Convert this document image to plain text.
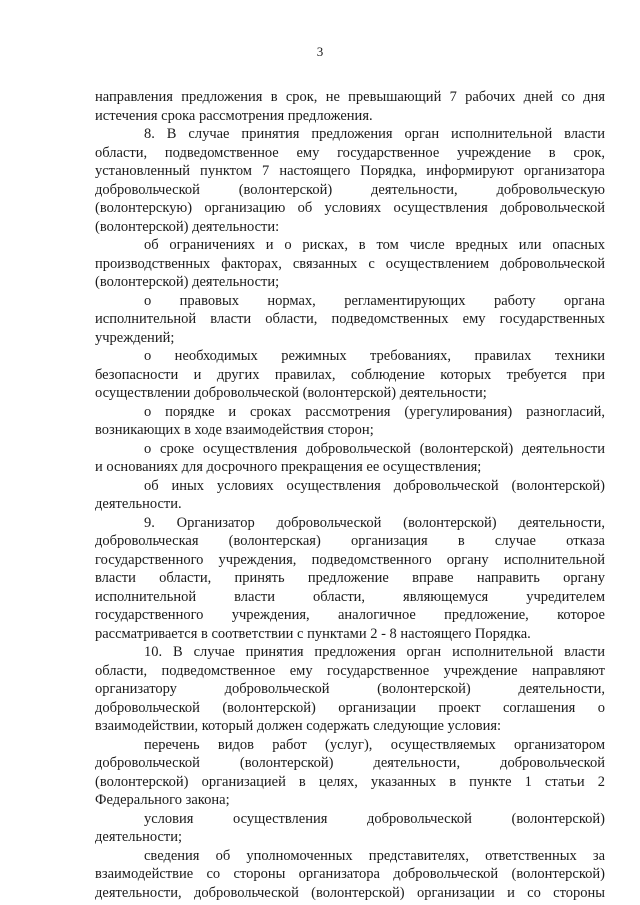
3

направления предложения в срок, не превышающий 7 рабочих дней со дня

истечения срока рассмотрения предложения.

8. В случае принятия предложения орган исполнительной власти

области, подведомственное ему государственное учреждение в срок,

установленный пунктом 7 настоящего Порядка, информируют организатора

добровольческой (волонтерской) деятельности, добровольческую

(волонтерскую) организацию об условиях осуществления добровольческой

(волонтерской) деятельности:

об ограничениях и о рисках, в том числе вредных или опасных

производственных факторах, связанных с осуществлением добровольческой

(волонтерской) деятельности;

о правовых нормах, регламентирующих работу органа

исполнительной власти области, подведомственных ему государственных

учреждений;

о необходимых режимных требованиях, правилах техники

безопасности и других правилах, соблюдение которых требуется при

осуществлении добровольческой (волонтерской) деятельности;

о порядке и сроках рассмотрения (урегулирования) разногласий,

возникающих в ходе взаимодействия сторон;

о сроке осуществления добровольческой (волонтерской) деятельности

и основаниях для досрочного прекращения ее осуществления;

об иных условиях осуществления добровольческой (волонтерской)

деятельности.

9. Организатор добровольческой (волонтерской) деятельности,

добровольческая (волонтерская) организация в случае отказа

государственного учреждения, подведомственного органу исполнительной

власти области, принять предложение вправе направить органу

исполнительной власти области, являющемуся учредителем

государственного учреждения, аналогичное предложение, которое

рассматривается в соответствии с пунктами 2 - 8 настоящего Порядка.

10. В случае принятия предложения орган исполнительной власти

области, подведомственное ему государственное учреждение направляют

организатору добровольческой (волонтерской) деятельности,

добровольческой (волонтерской) организации проект соглашения о

взаимодействии, который должен содержать следующие условия:

перечень видов работ (услуг), осуществляемых организатором

добровольческой (волонтерской) деятельности, добровольческой

(волонтерской) организацией в целях, указанных в пункте 1 статьи 2

Федерального закона;

условия осуществления добровольческой (волонтерской)

деятельности;

сведения об уполномоченных представителях, ответственных за

взаимодействие со стороны организатора добровольческой (волонтерской)

деятельности, добровольческой (волонтерской) организации и со стороны
